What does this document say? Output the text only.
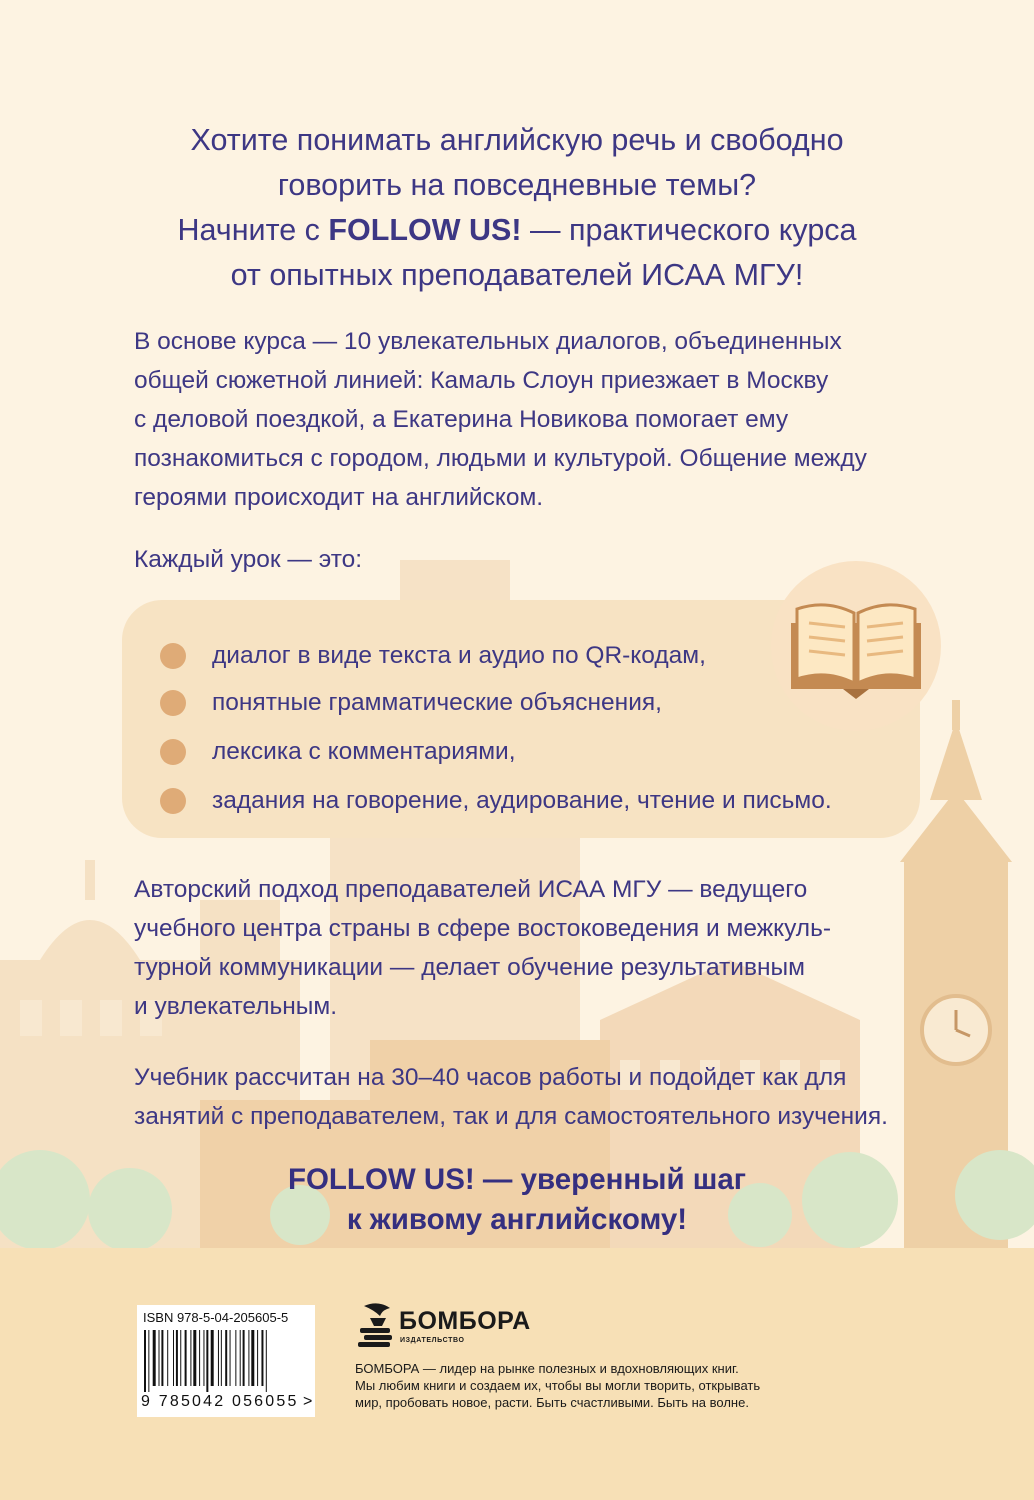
Хотите понимать английскую речь и свободно
говорить на повседневные темы?
Начните с FOLLOW US! — практического курса
от опытных преподавателей ИСАА МГУ!
В основе курса — 10 увлекательных диалогов, объединенных
общей сюжетной линией: Камаль Слоун приезжает в Москву
с деловой поездкой, а Екатерина Новикова помогает ему
познакомиться с городом, людьми и культурой. Общение между
героями происходит на английском.
Каждый урок — это:
диалог в виде текста и аудио по QR-кодам,
понятные грамматические объяснения,
лексика с комментариями,
задания на говорение, аудирование, чтение и письмо.
Авторский подход преподавателей ИСАА МГУ — ведущего
учебного центра страны в сфере востоковедения и межкуль-
турной коммуникации — делает обучение результативным
и увлекательным.
Учебник рассчитан на 30–40 часов работы и подойдет как для
занятий с преподавателем, так и для самостоятельного изучения.
FOLLOW US! — уверенный шаг
к живому английскому!
ISBN 978-5-04-205605-5
9 785042 056055 >
БОМБОРА
ИЗДАТЕЛЬСТВО
БОМБОРА — лидер на рынке полезных и вдохновляющих книг.
Мы любим книги и создаем их, чтобы вы могли творить, открывать
мир, пробовать новое, расти. Быть счастливыми. Быть на волне.
